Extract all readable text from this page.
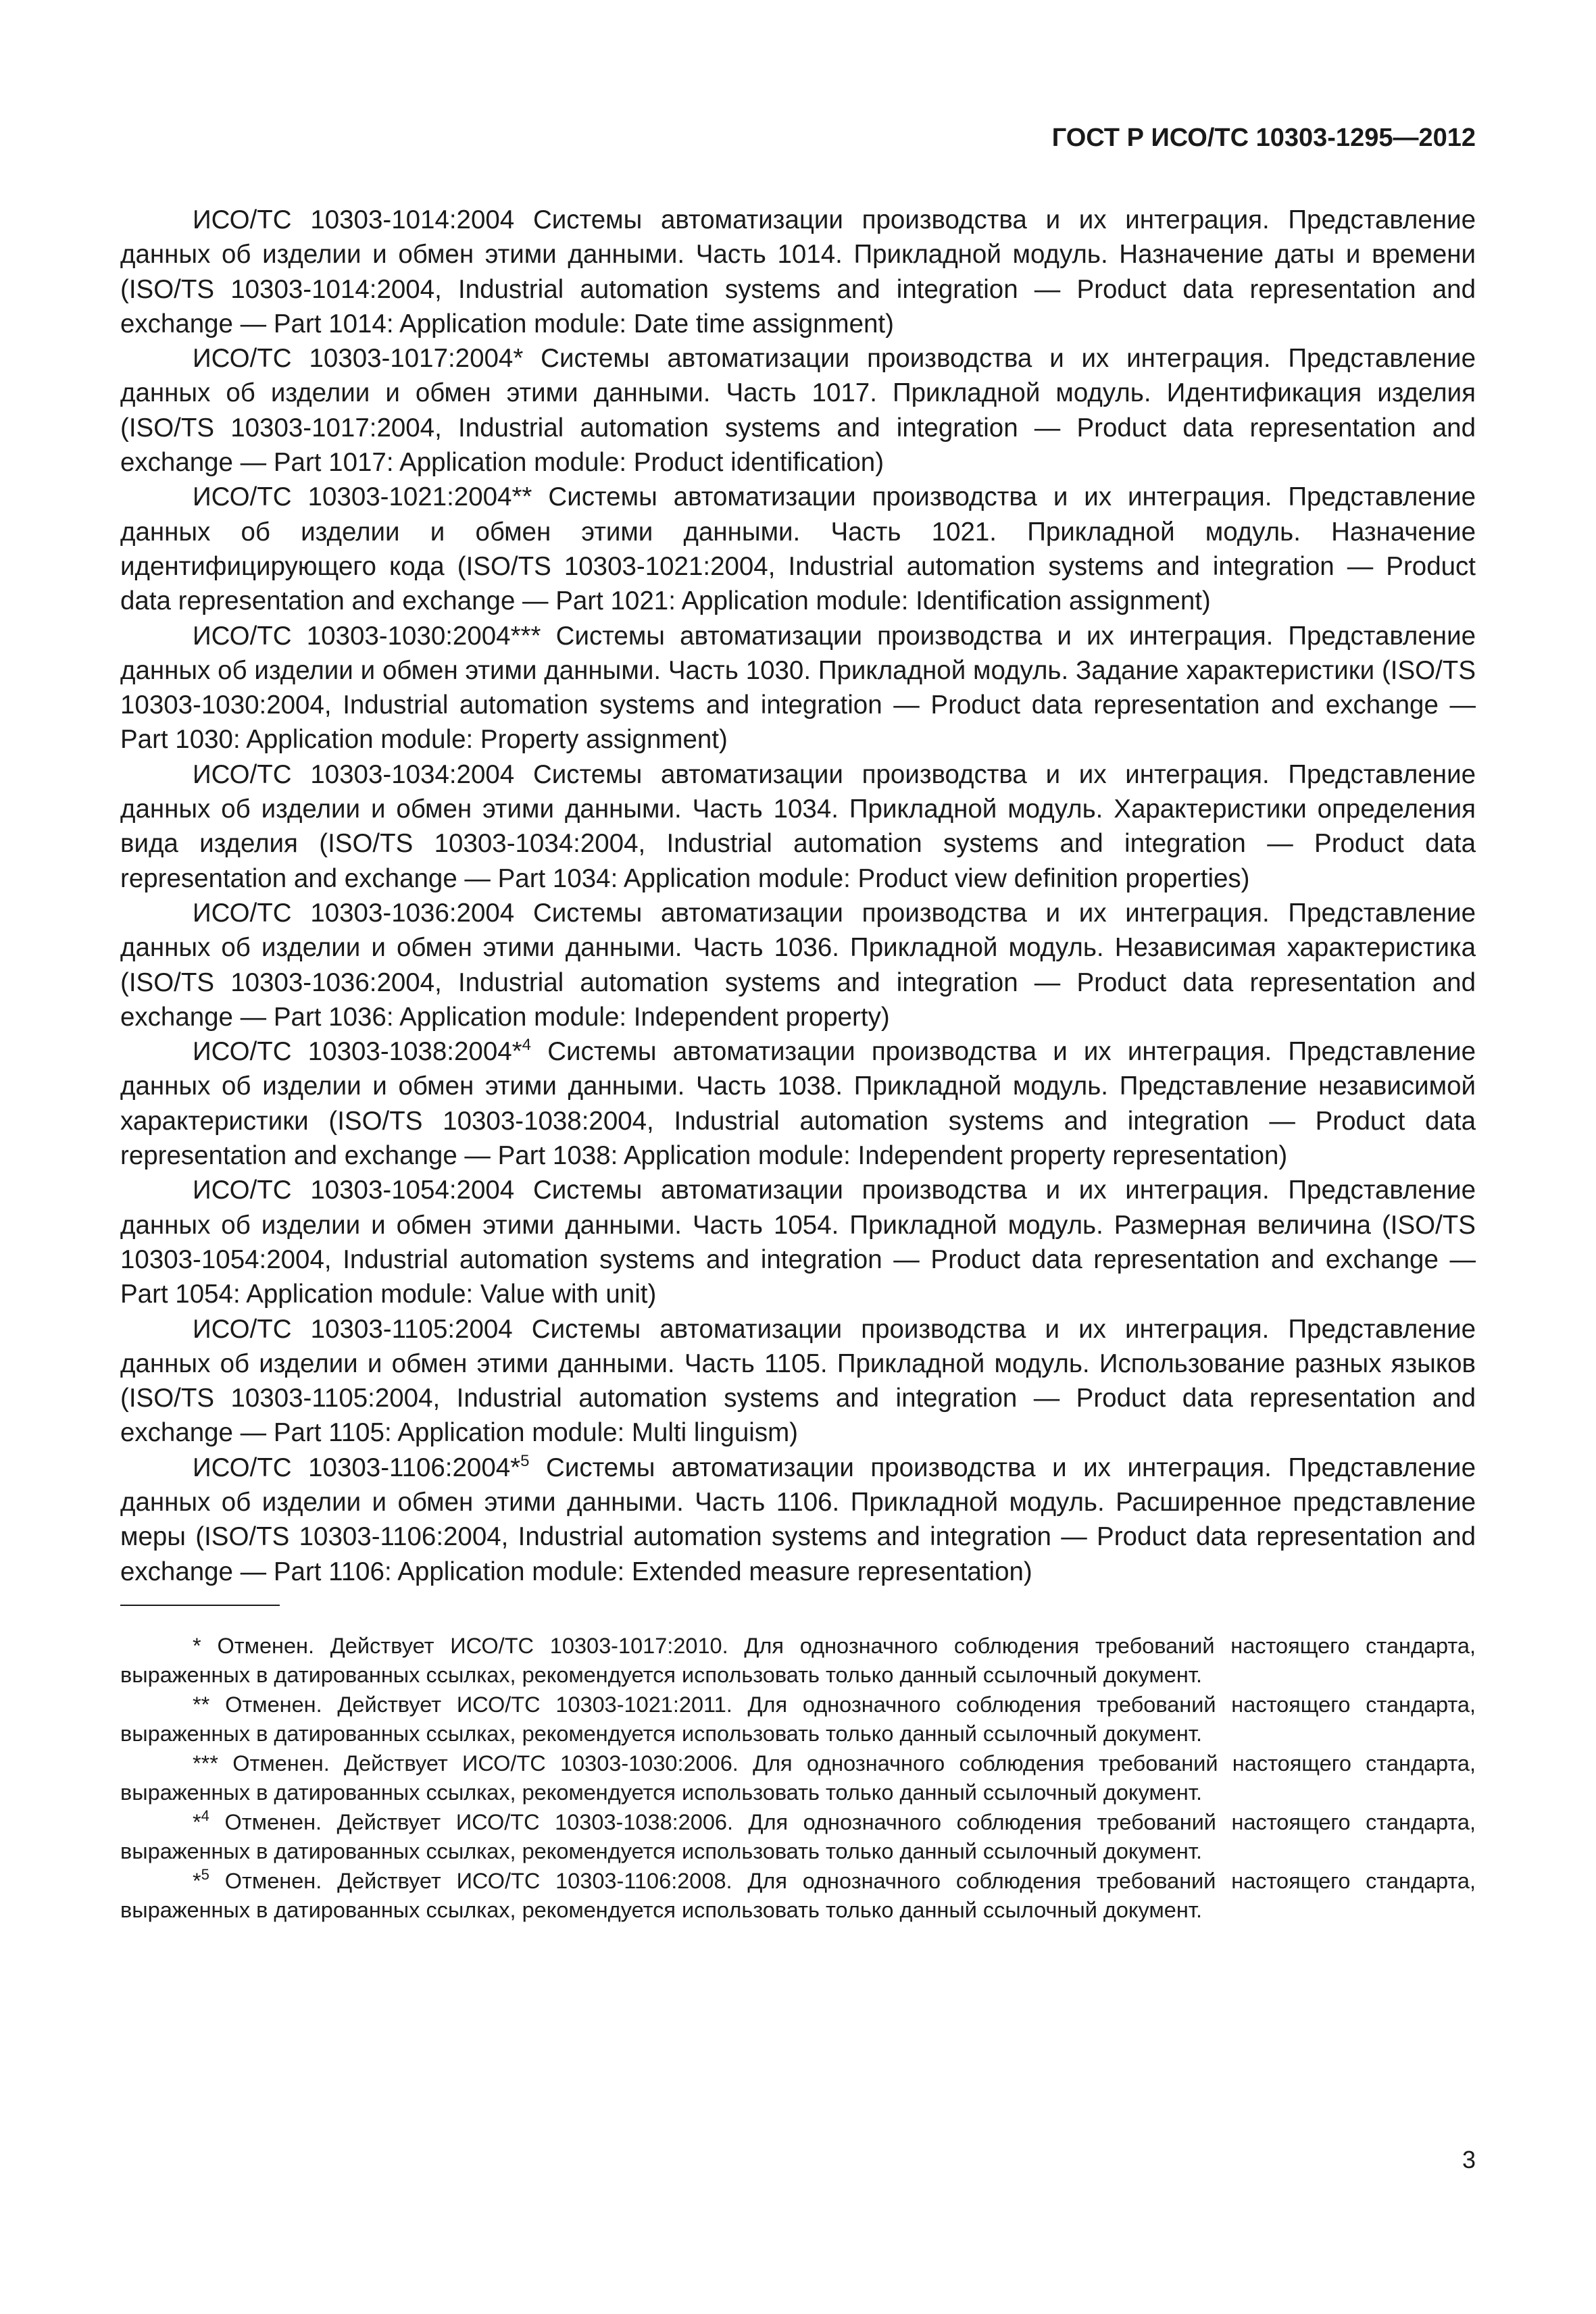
ГОСТ Р ИСО/ТС 10303-1295—2012

ИСО/ТС 10303-1014:2004 Системы автоматизации производства и их интеграция. Представление данных об изделии и обмен этими данными. Часть 1014. Прикладной модуль. Назначение даты и времени (ISO/TS 10303-1014:2004, Industrial automation systems and integration — Product data representation and exchange — Part 1014: Application module: Date time assignment)

ИСО/ТС 10303-1017:2004* Системы автоматизации производства и их интеграция. Представление данных об изделии и обмен этими данными. Часть 1017. Прикладной модуль. Идентификация изделия (ISO/TS 10303-1017:2004, Industrial automation systems and integration — Product data representation and exchange — Part 1017: Application module: Product identification)

ИСО/ТС 10303-1021:2004** Системы автоматизации производства и их интеграция. Представление данных об изделии и обмен этими данными. Часть 1021. Прикладной модуль. Назначение идентифицирующего кода (ISO/TS 10303-1021:2004, Industrial automation systems and integration — Product data representation and exchange — Part 1021: Application module: Identification assignment)

ИСО/ТС 10303-1030:2004*** Системы автоматизации производства и их интеграция. Представление данных об изделии и обмен этими данными. Часть 1030. Прикладной модуль. Задание характеристики (ISO/TS 10303-1030:2004, Industrial automation systems and integration — Product data representation and exchange — Part 1030: Application module: Property assignment)

ИСО/ТС 10303-1034:2004 Системы автоматизации производства и их интеграция. Представление данных об изделии и обмен этими данными. Часть 1034. Прикладной модуль. Характеристики определения вида изделия (ISO/TS 10303-1034:2004, Industrial automation systems and integration — Product data representation and exchange — Part 1034: Application module: Product view definition properties)

ИСО/ТС 10303-1036:2004 Системы автоматизации производства и их интеграция. Представление данных об изделии и обмен этими данными. Часть 1036. Прикладной модуль. Независимая характеристика (ISO/TS 10303-1036:2004, Industrial automation systems and integration — Product data representation and exchange — Part 1036: Application module: Independent property)

ИСО/ТС 10303-1038:2004*$^4$ Системы автоматизации производства и их интеграция. Представление данных об изделии и обмен этими данными. Часть 1038. Прикладной модуль. Представление независимой характеристики (ISO/TS 10303-1038:2004, Industrial automation systems and integration — Product data representation and exchange — Part 1038: Application module: Independent property representation)

ИСО/ТС 10303-1054:2004 Системы автоматизации производства и их интеграция. Представление данных об изделии и обмен этими данными. Часть 1054. Прикладной модуль. Размерная величина (ISO/TS 10303-1054:2004, Industrial automation systems and integration — Product data representation and exchange — Part 1054: Application module: Value with unit)

ИСО/ТС 10303-1105:2004 Системы автоматизации производства и их интеграция. Представление данных об изделии и обмен этими данными. Часть 1105. Прикладной модуль. Использование разных языков (ISO/TS 10303-1105:2004, Industrial automation systems and integration — Product data representation and exchange — Part 1105: Application module: Multi linguism)

ИСО/ТС 10303-1106:2004*$^5$ Системы автоматизации производства и их интеграция. Представление данных об изделии и обмен этими данными. Часть 1106. Прикладной модуль. Расширенное представление меры (ISO/TS 10303-1106:2004, Industrial automation systems and integration — Product data representation and exchange — Part 1106: Application module: Extended measure representation)

* Отменен. Действует ИСО/ТС 10303-1017:2010. Для однозначного соблюдения требований настоящего стандарта, выраженных в датированных ссылках, рекомендуется использовать только данный ссылочный документ.

** Отменен. Действует ИСО/ТС 10303-1021:2011. Для однозначного соблюдения требований настоящего стандарта, выраженных в датированных ссылках, рекомендуется использовать только данный ссылочный документ.

*** Отменен. Действует ИСО/ТС 10303-1030:2006. Для однозначного соблюдения требований настоящего стандарта, выраженных в датированных ссылках, рекомендуется использовать только данный ссылочный документ.

*$^4$ Отменен. Действует ИСО/ТС 10303-1038:2006. Для однозначного соблюдения требований настоящего стандарта, выраженных в датированных ссылках, рекомендуется использовать только данный ссылочный документ.

*$^5$ Отменен. Действует ИСО/ТС 10303-1106:2008. Для однозначного соблюдения требований настоящего стандарта, выраженных в датированных ссылках, рекомендуется использовать только данный ссылочный документ.

3
